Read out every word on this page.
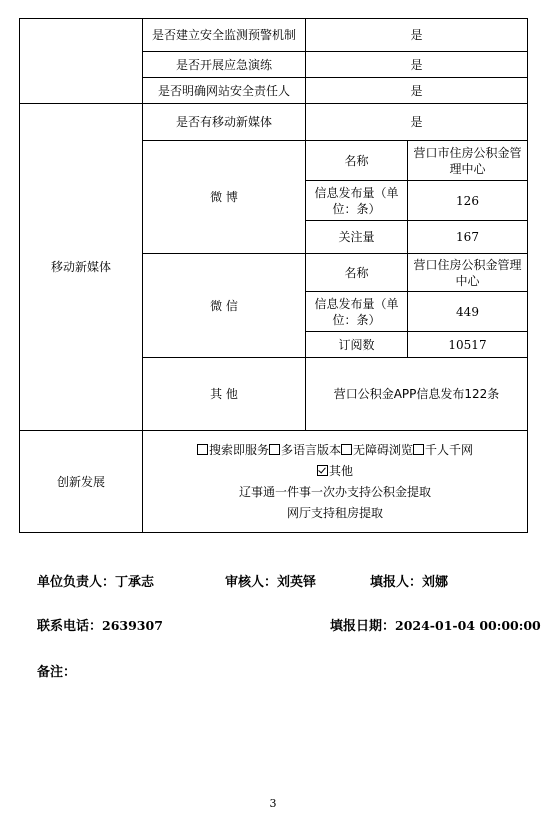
	是否建立安全监测预警机制	是	
	是否开展应急演练	是	
	是否明确网站安全责任人	是	
移动新媒体	是否有移动新媒体	是	
	微 博	名称	营口市住房公积金管理中心
		信息发布量（单位：条）	126
		关注量	167
	微 信	名称	营口住房公积金管理中心
		信息发布量（单位：条）	449
		订阅数	10517
	其 他	营口公积金APP信息发布122条	
创新发展	搜索即服务 多语言版本 无障碍浏览 千人千网
其他
辽事通一件事一次办支持公积金提取
网厅支持租房提取		
单位负责人：丁承志	审核人：刘英铎	填报人：刘娜
联系电话：2639307	填报日期：2024-01-04 00:00:00
备注：
3
